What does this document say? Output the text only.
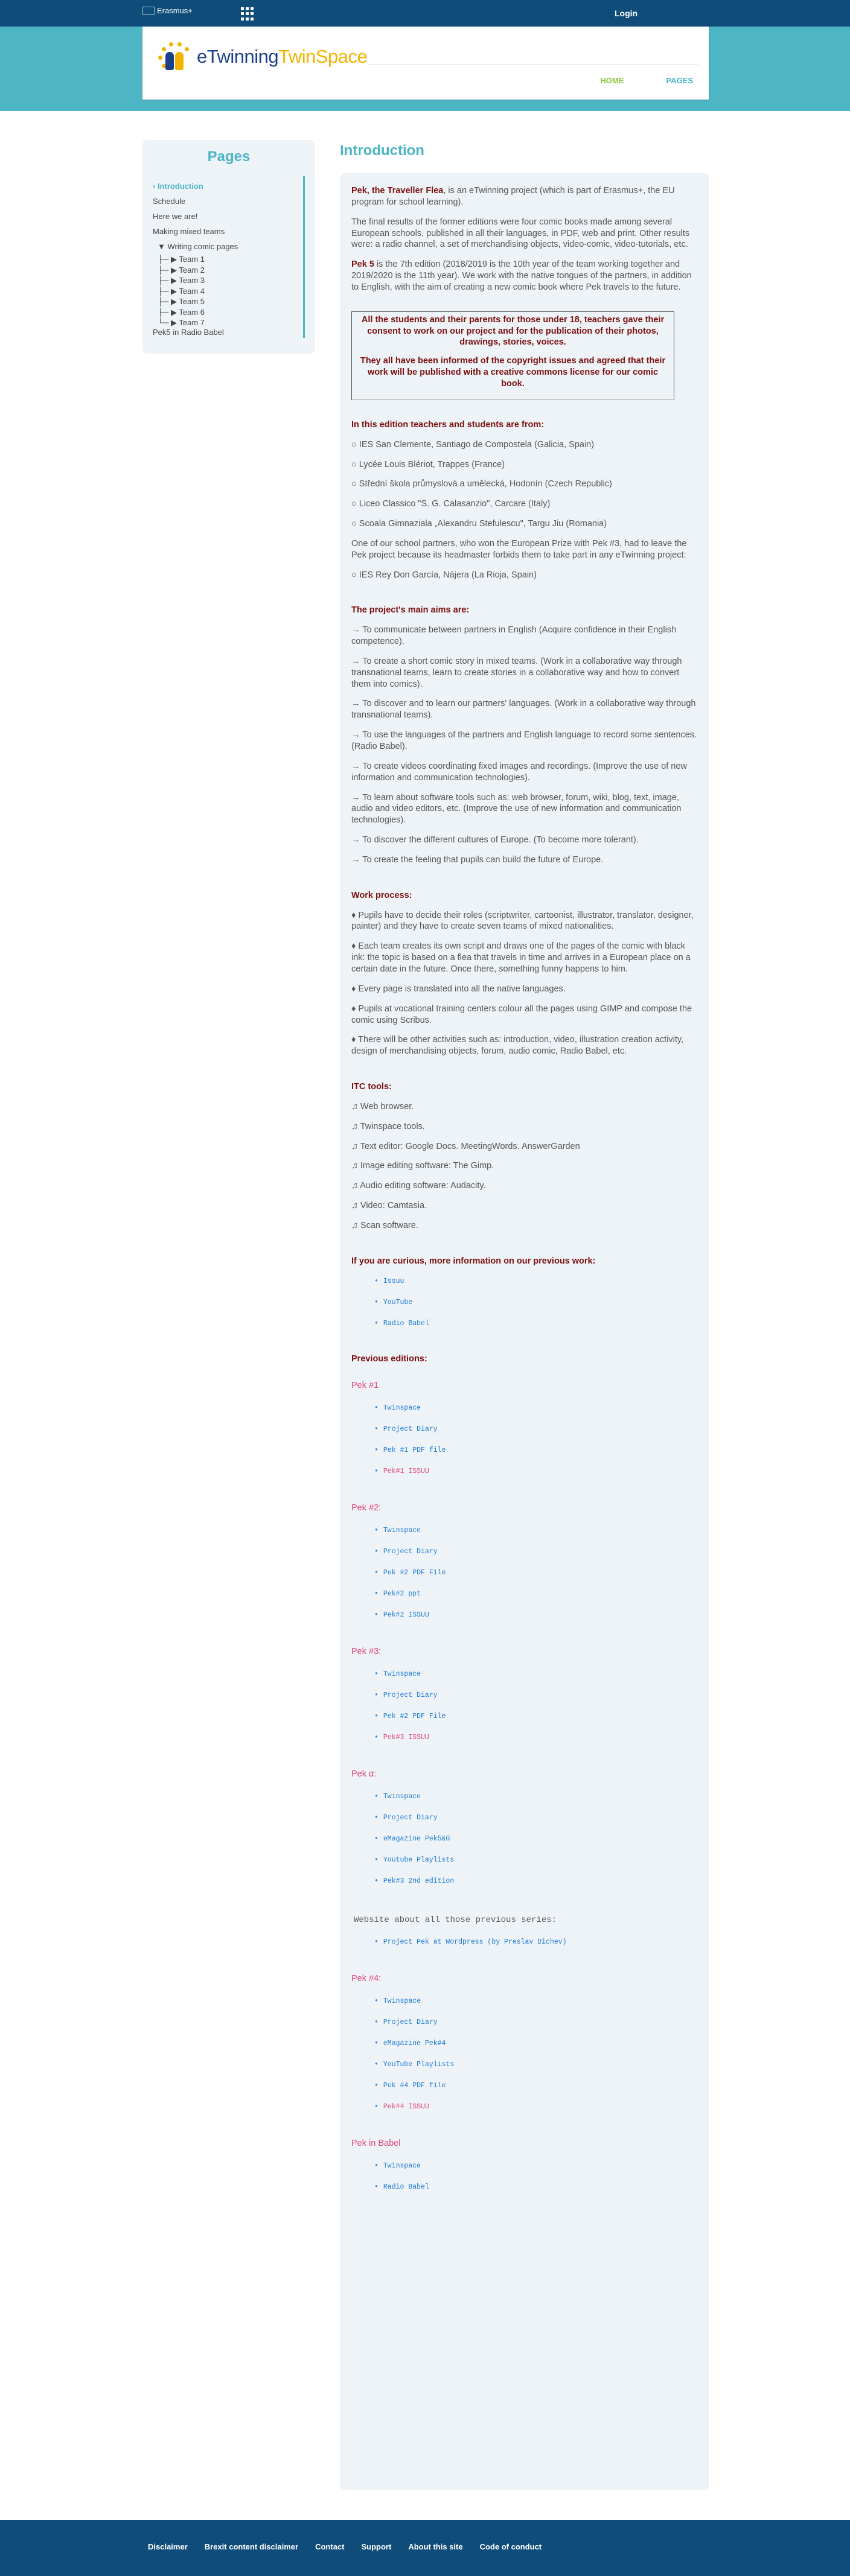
Erasmus+	Login
eTwinningTwinSpace
HOME	PAGES
Pages
› Introduction
Schedule
Here we are!
Making mixed teams
▼ Writing comic pages
├─ ▶ Team 1
├─ ▶ Team 2
├─ ▶ Team 3
├─ ▶ Team 4
├─ ▶ Team 5
├─ ▶ Team 6
└─ ▶ Team 7
Pek5 in Radio Babel
Introduction

Pek, the Traveller Flea, is an eTwinning project (which is part of Erasmus+, the EU program for school learning).

The final results of the former editions were four comic books made among several European schools, published in all their languages, in PDF, web and print. Other results were: a radio channel, a set of merchandising objects, video-comic, video-tutorials, etc.

Pek 5 is the 7th edition (2018/2019 is the 10th year of the team working together and 2019/2020 is the 11th year). We work with the native tongues of the partners, in addition to English, with the aim of creating a new comic book where Pek travels to the future.

All the students and their parents for those under 18, teachers gave their consent to work on our project and for the publication of their photos, drawings, stories, voices.

They all have been informed of the copyright issues and agreed that their work will be published with a creative commons license for our comic book.

In this edition teachers and students are from:

○ IES San Clemente, Santiago de Compostela (Galicia, Spain)

○ Lycée Louis Blériot, Trappes (France)

○ Střední škola průmyslová a umělecká, Hodonín (Czech Republic)

○ Liceo Classico "S. G. Calasanzio", Carcare (Italy)

○ Scoala Gimnaziala „Alexandru Stefulescu", Targu Jiu (Romania)

One of our school partners, who won the European Prize with Pek #3, had to leave the Pek project because its headmaster forbids them to take part in any eTwinning project:

○ IES Rey Don García, Nájera (La Rioja, Spain)

The project's main aims are:

→ To communicate between partners in English (Acquire confidence in their English competence).

→ To create a short comic story in mixed teams. (Work in a collaborative way through transnational teams, learn to create stories in a collaborative way and how to convert them into comics).

→ To discover and to learn our partners' languages. (Work in a collaborative way through transnational teams).

→ To use the languages of the partners and English language to record some sentences. (Radio Babel).

→ To create videos coordinating fixed images and recordings. (Improve the use of new information and communication technologies).

→ To learn about software tools such as: web browser, forum, wiki, blog, text, image, audio and video editors, etc. (Improve the use of new information and communication technologies).

→ To discover the different cultures of Europe. (To become more tolerant).

→ To create the feeling that pupils can build the future of Europe.

Work process:

♦ Pupils have to decide their roles (scriptwriter, cartoonist, illustrator, translator, designer, painter) and they have to create seven teams of mixed nationalities.

♦ Each team creates its own script and draws one of the pages of the comic with black ink: the topic is based on a flea that travels in time and arrives in a European place on a certain date in the future. Once there, something funny happens to him.

♦ Every page is translated into all the native languages.

♦ Pupils at vocational training centers colour all the pages using GIMP and compose the comic using Scribus.

♦ There will be other activities such as: introduction, video, illustration creation activity, design of merchandising objects, forum, audio comic, Radio Babel, etc.

ITC tools:

♫ Web browser.

♫ Twinspace tools.

♫ Text editor: Google Docs. MeetingWords. AnswerGarden

♫ Image editing software: The Gimp.

♫ Audio editing software: Audacity.

♫ Video: Camtasia.

♫ Scan software.

If you are curious, more information on our previous work:
• Issuu
• YouTube
• Radio Babel
Previous editions:
Pek #1
• Twinspace
• Project Diary
• Pek #1 PDF file
• Pek#1 ISSUU
Pek #2:
• Twinspace
• Project Diary
• Pek #2 PDF File
• Pek#2 ppt
• Pek#2 ISSUU
Pek #3:
• Twinspace
• Project Diary
• Pek #2 PDF File
• Pek#3 ISSUU
Pek α:
• Twinspace
• Project Diary
• eMagazine Pek5&G
• Youtube Playlists
• Pek#3 2nd edition
Website about all those previous series:
• Project Pek at Wordpress (by Preslav Dichev)
Pek #4:
• Twinspace
• Project Diary
• eMagazine Pek#4
• YouTube Playlists
• Pek #4 PDF file
• Pek#4 ISSUU
Pek in Babel
• Twinspace
• Radio Babel
Disclaimer Brexit content disclaimer Contact Support About this site Code of conduct
